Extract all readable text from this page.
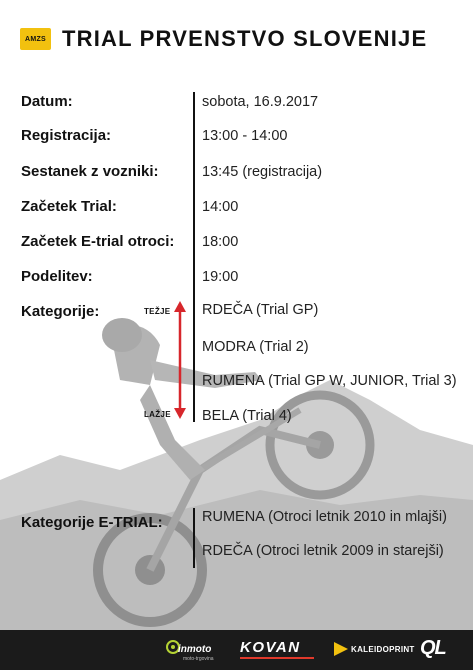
AMZS TRIAL PRVENSTVO SLOVENIJE
Datum:	sobota, 16.9.2017
Registracija:	13:00 - 14:00
Sestanek z vozniki:	13:45 (registracija)
Začetek Trial:	14:00
Začetek E-trial otroci: 18:00
Podelitev:	19:00
Kategorije:	TEŽJE
LAŽJE
RDEČA (Trial GP)
MODRA (Trial 2)
RUMENA (Trial GP W, JUNIOR, Trial 3)
BELA (Trial 4)
Kategorije E-TRIAL:	RUMENA (Otroci letnik 2010 in mlajši)
RDEČA (Otroci letnik 2009 in starejši)
inmoto
moto-trgovina
KOVAN	KALEIDOPRINT QL
